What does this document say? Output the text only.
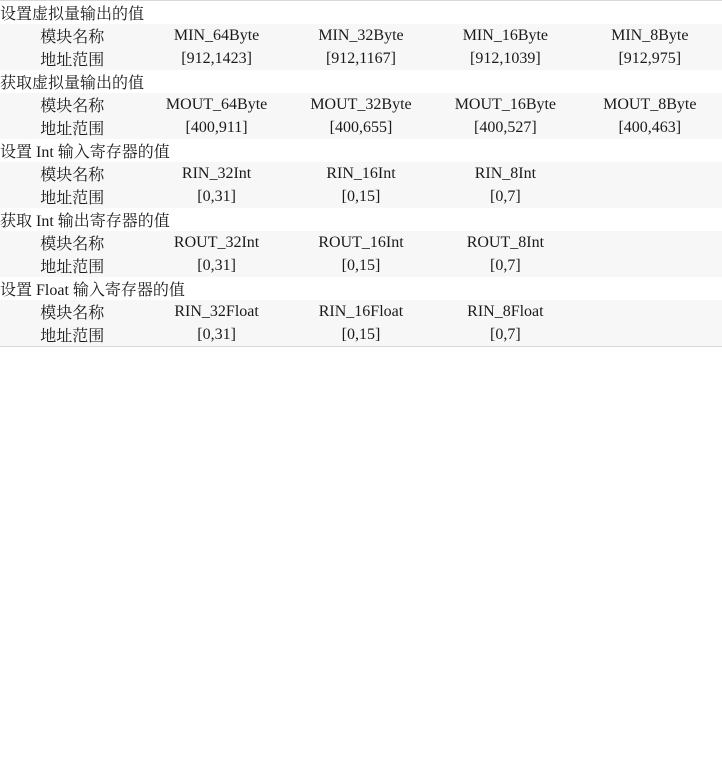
设置虚拟量输出的值				
模块名称	MIN_64Byte	MIN_32Byte	MIN_16Byte	MIN_8Byte
地址范围	[912,1423]	[912,1167]	[912,1039]	[912,975]
获取虚拟量输出的值				
模块名称	MOUT_64Byte	MOUT_32Byte	MOUT_16Byte	MOUT_8Byte
地址范围	[400,911]	[400,655]	[400,527]	[400,463]
设置 Int 输入寄存器的值				
模块名称	RIN_32Int	RIN_16Int	RIN_8Int	
地址范围	[0,31]	[0,15]	[0,7]	
获取 Int 输出寄存器的值				
模块名称	ROUT_32Int	ROUT_16Int	ROUT_8Int	
地址范围	[0,31]	[0,15]	[0,7]	
设置 Float 输入寄存器的值				
模块名称	RIN_32Float	RIN_16Float	RIN_8Float	
地址范围	[0,31]	[0,15]	[0,7]	
